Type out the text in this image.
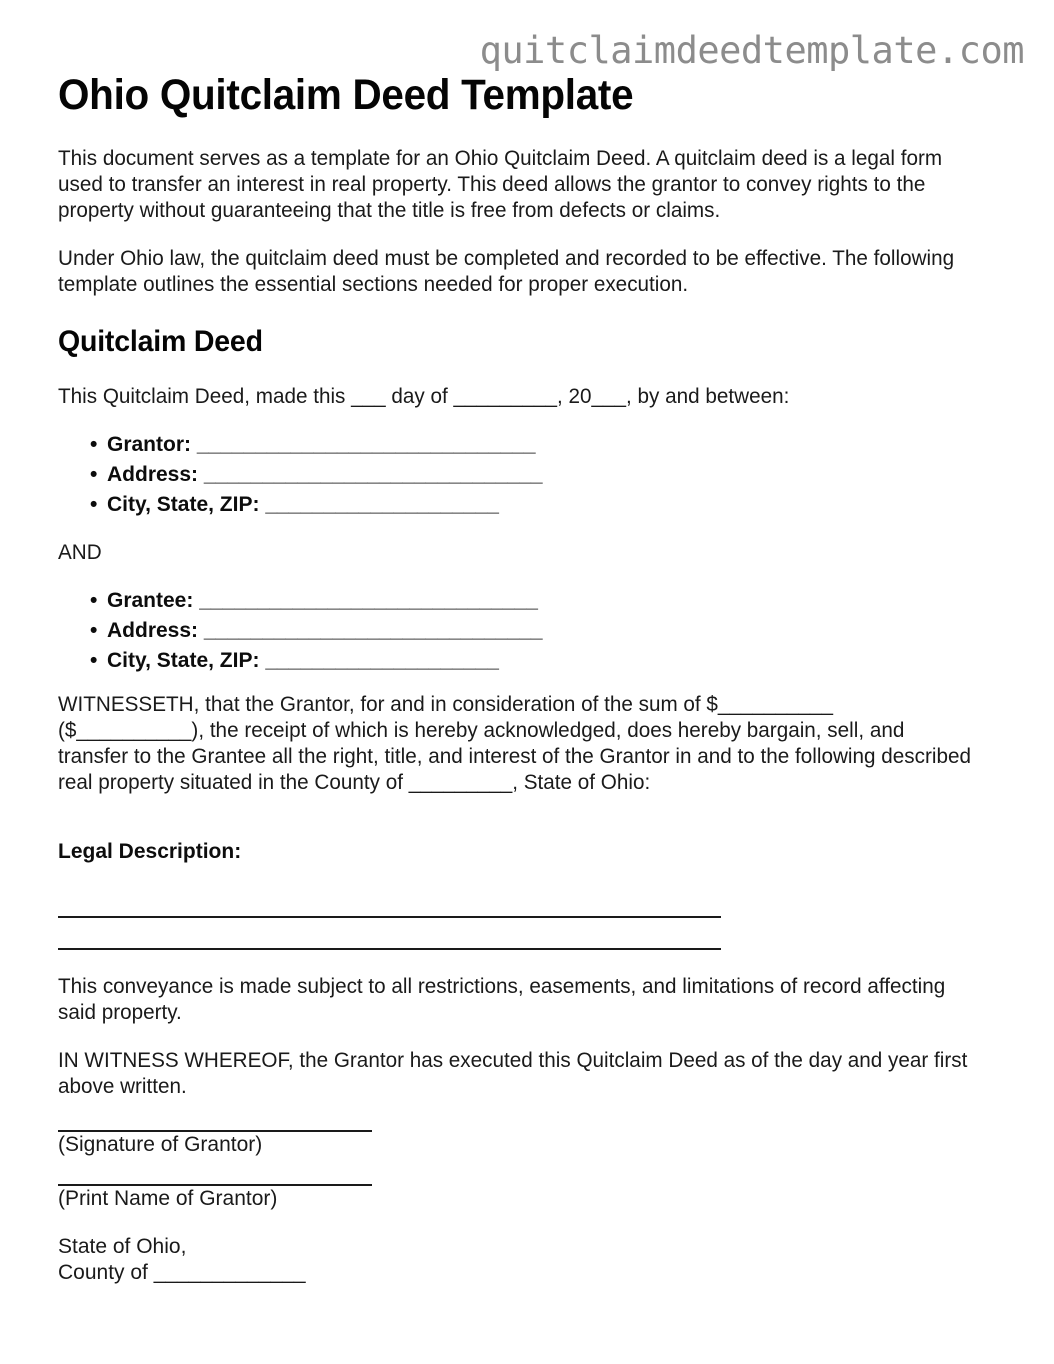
quitclaimdeedtemplate.com
Ohio Quitclaim Deed Template

This document serves as a template for an Ohio Quitclaim Deed. A quitclaim deed is a legal form used to transfer an interest in real property. This deed allows the grantor to convey rights to the property without guaranteeing that the title is free from defects or claims.

Under Ohio law, the quitclaim deed must be completed and recorded to be effective. The following template outlines the essential sections needed for proper execution.

Quitclaim Deed

This Quitclaim Deed, made this ___ day of _________, 20___, by and between:

• Grantor: _____________________________
• Address: _____________________________
• City, State, ZIP: ____________________

AND

• Grantee: _____________________________
• Address: _____________________________
• City, State, ZIP: ____________________

WITNESSETH, that the Grantor, for and in consideration of the sum of $__________ ($__________), the receipt of which is hereby acknowledged, does hereby bargain, sell, and transfer to the Grantee all the right, title, and interest of the Grantor in and to the following described real property situated in the County of _________, State of Ohio:

Legal Description:

This conveyance is made subject to all restrictions, easements, and limitations of record affecting said property.

IN WITNESS WHEREOF, the Grantor has executed this Quitclaim Deed as of the day and year first above written.

(Signature of Grantor)

(Print Name of Grantor)

State of Ohio,

County of _____________
